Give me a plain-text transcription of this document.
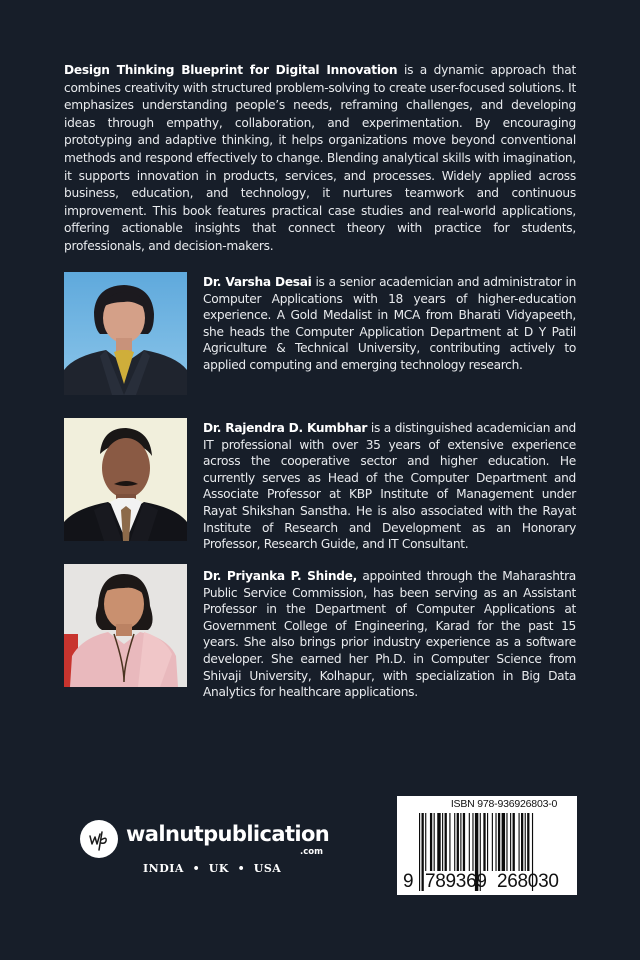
Design Thinking Blueprint for Digital Innovation is a dynamic approach that combines creativity with structured problem-solving to create user-focused solutions. It emphasizes understanding people’s needs, reframing challenges, and developing ideas through empathy, collaboration, and experimentation. By encouraging prototyping and adaptive thinking, it helps organizations move beyond conventional methods and respond effectively to change. Blending analytical skills with imagination, it supports innovation in products, services, and processes. Widely applied across business, education, and technology, it nurtures teamwork and continuous improvement. This book features practical case studies and real-world applications, offering actionable insights that connect theory with practice for students, professionals, and decision-makers.
Dr. Varsha Desai is a senior academician and administrator in Computer Applications with 18 years of higher-education experience. A Gold Medalist in MCA from Bharati Vidyapeeth, she heads the Computer Application Department at D Y Patil Agriculture & Technical University, contributing actively to applied computing and emerging technology research.
Dr. Rajendra D. Kumbhar is a distinguished academician and IT professional with over 35 years of extensive experience across the cooperative sector and higher education. He currently serves as Head of the Computer Department and Associate Professor at KBP Institute of Management under Rayat Shikshan Sanstha. He is also associated with the Rayat Institute of Research and Development as an Honorary Professor, Research Guide, and IT Consultant.
Dr. Priyanka P. Shinde, appointed through the Maharashtra Public Service Commission, has been serving as an Assistant Professor in the Department of Computer Applications at Government College of Engineering, Karad for the past 15 years. She also brings prior industry experience as a software developer. She earned her Ph.D. in Computer Science from Shivaji University, Kolhapur, with specialization in Big Data Analytics for healthcare applications.
walnutpublication
.com
INDIA  •  UK  •  USA
ISBN 978-936926803-0
9 789369 268030
